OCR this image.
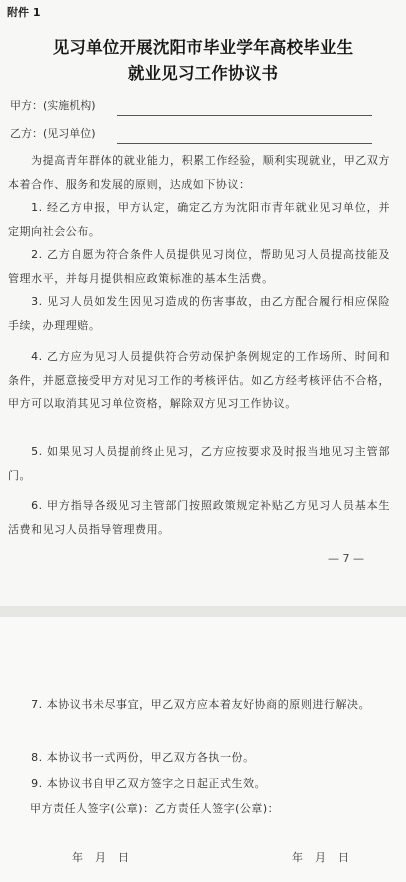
附件 1
见习单位开展沈阳市毕业学年高校毕业生
就业见习工作协议书
甲方：(实施机构)
乙方：(见习单位)

为提高青年群体的就业能力，积累工作经验，顺利实现就业，甲乙双方本着合作、服务和发展的原则，达成如下协议：

1. 经乙方申报，甲方认定，确定乙方为沈阳市青年就业见习单位，并定期向社会公布。

2. 乙方自愿为符合条件人员提供见习岗位，帮助见习人员提高技能及管理水平，并每月提供相应政策标准的基本生活费。

3. 见习人员如发生因见习造成的伤害事故，由乙方配合履行相应保险手续，办理理赔。

4. 乙方应为见习人员提供符合劳动保护条例规定的工作场所、时间和条件，并愿意接受甲方对见习工作的考核评估。如乙方经考核评估不合格，甲方可以取消其见习单位资格，解除双方见习工作协议。

5. 如果见习人员提前终止见习，乙方应按要求及时报当地见习主管部门。

6. 甲方指导各级见习主管部门按照政策规定补贴乙方见习人员基本生活费和见习人员指导管理费用。

— 7 —

7. 本协议书未尽事宜，甲乙双方应本着友好协商的原则进行解决。

8. 本协议书一式两份，甲乙双方各执一份。

9. 本协议书自甲乙双方签字之日起正式生效。

甲方责任人签字(公章)：乙方责任人签字(公章)：
年　月　日	年　月　日
